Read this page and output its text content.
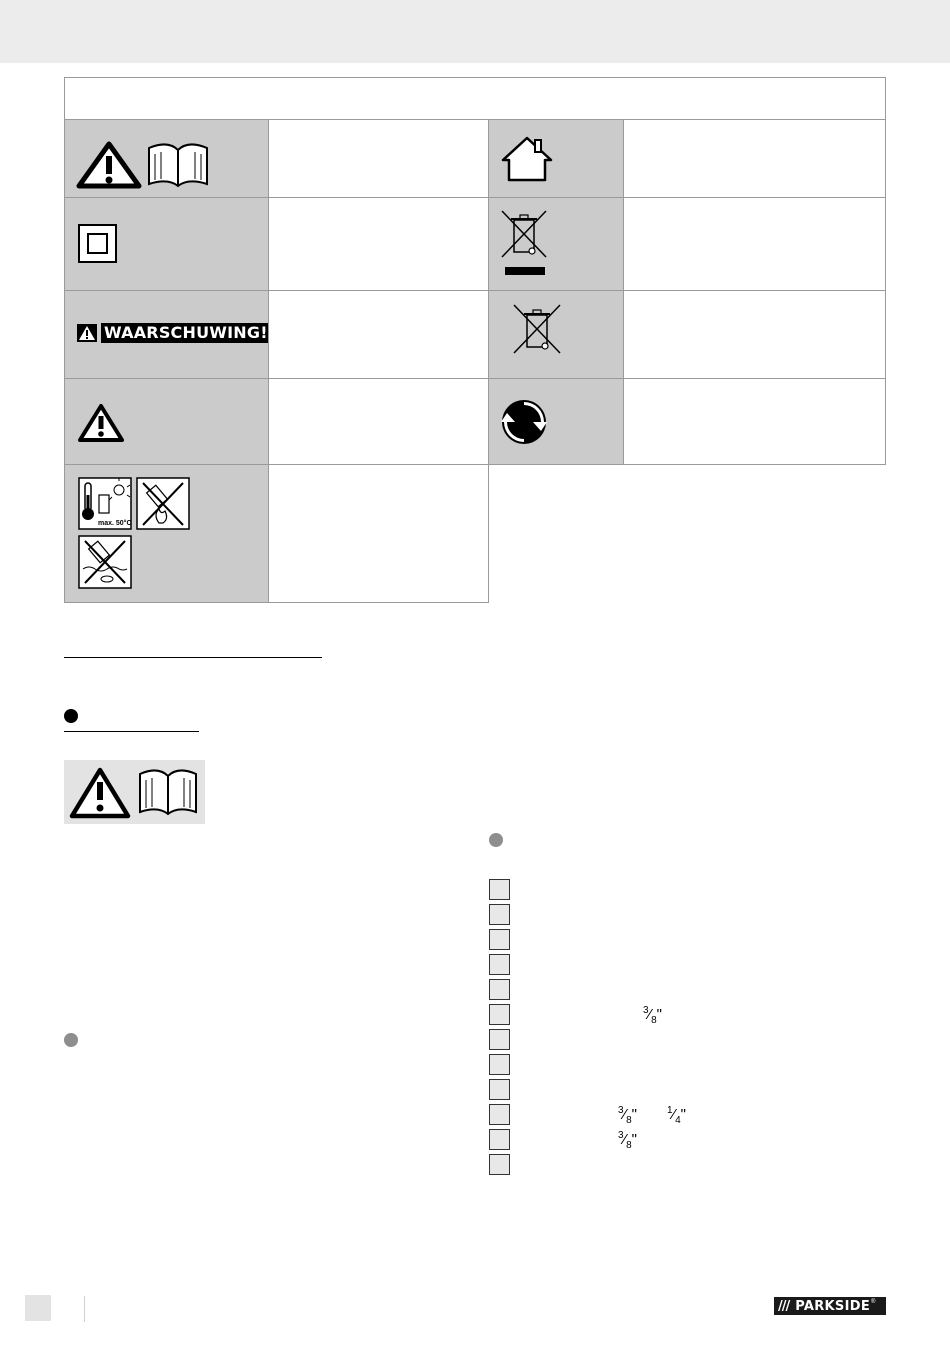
WAARSCHUWING!
max. 50°C
$^3⁄_8$"
$^3⁄_8$"	$^1⁄_4$"
$^3⁄_8$"
/// PARKSIDE ®
